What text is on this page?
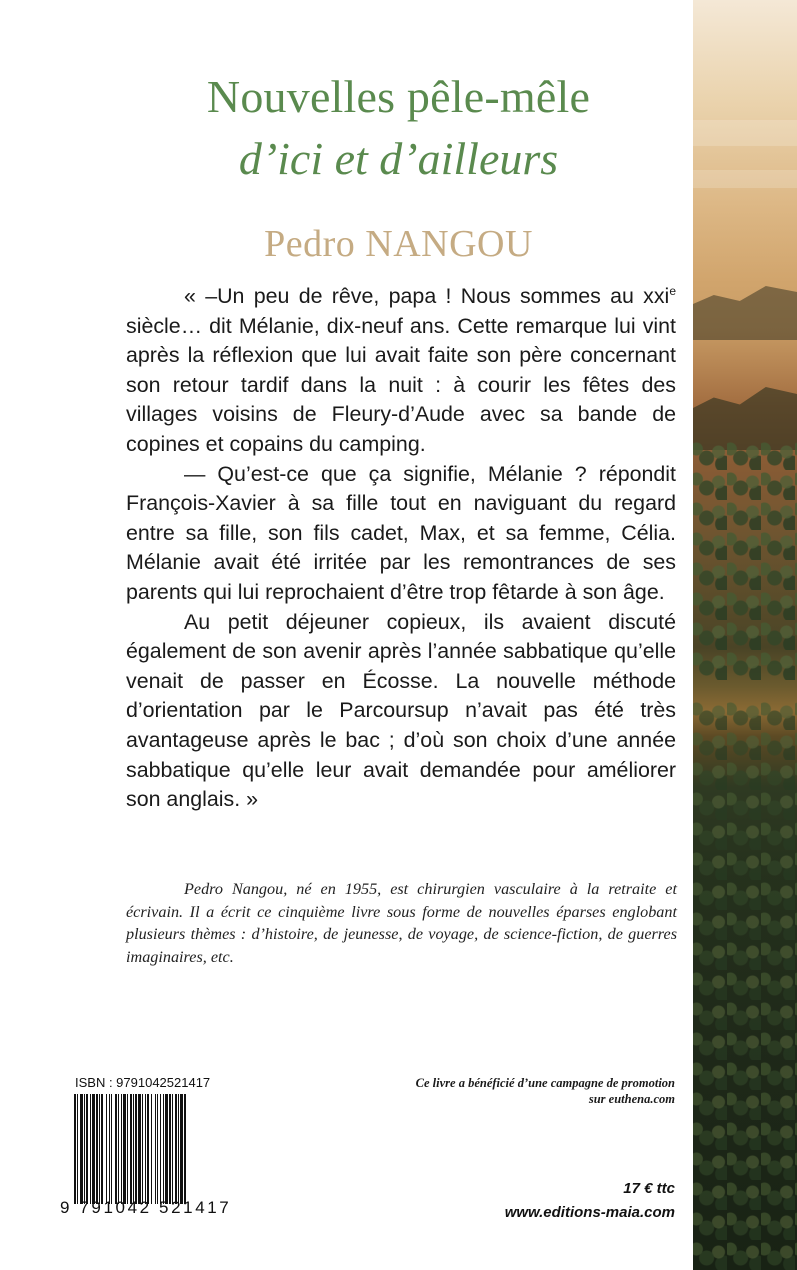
Nouvelles pêle-mêle
d’ici et d’ailleurs
Pedro NANGOU

« –Un peu de rêve, papa ! Nous sommes au xxi$^e$ siècle… dit Mélanie, dix-neuf ans. Cette remarque lui vint après la réflexion que lui avait faite son père concernant son retour tardif dans la nuit : à courir les fêtes des villages voisins de Fleury-d’Aude avec sa bande de copines et copains du camping.

— Qu’est-ce que ça signifie, Mélanie ? répondit François-Xavier à sa fille tout en naviguant du regard entre sa fille, son fils cadet, Max, et sa femme, Célia. Mélanie avait été irritée par les remontrances de ses parents qui lui reprochaient d’être trop fêtarde à son âge.

Au petit déjeuner copieux, ils avaient discuté également de son avenir après l’année sabbatique qu’elle venait de passer en Écosse. La nouvelle méthode d’orientation par le Parcoursup n’avait pas été très avantageuse après le bac ; d’où son choix d’une année sabbatique qu’elle leur avait demandée pour améliorer son anglais. »

Pedro Nangou, né en 1955, est chirurgien vasculaire à la retraite et écrivain. Il a écrit ce cinquième livre sous forme de nouvelles éparses englobant plusieurs thèmes : d’histoire, de jeunesse, de voyage, de science-fiction, de guerres imaginaires, etc.

ISBN : 9791042521417
9 791042 521417
Ce livre a bénéficié d’une campagne de promotion
sur euthena.com
17 € ttc
www.editions-maia.com
